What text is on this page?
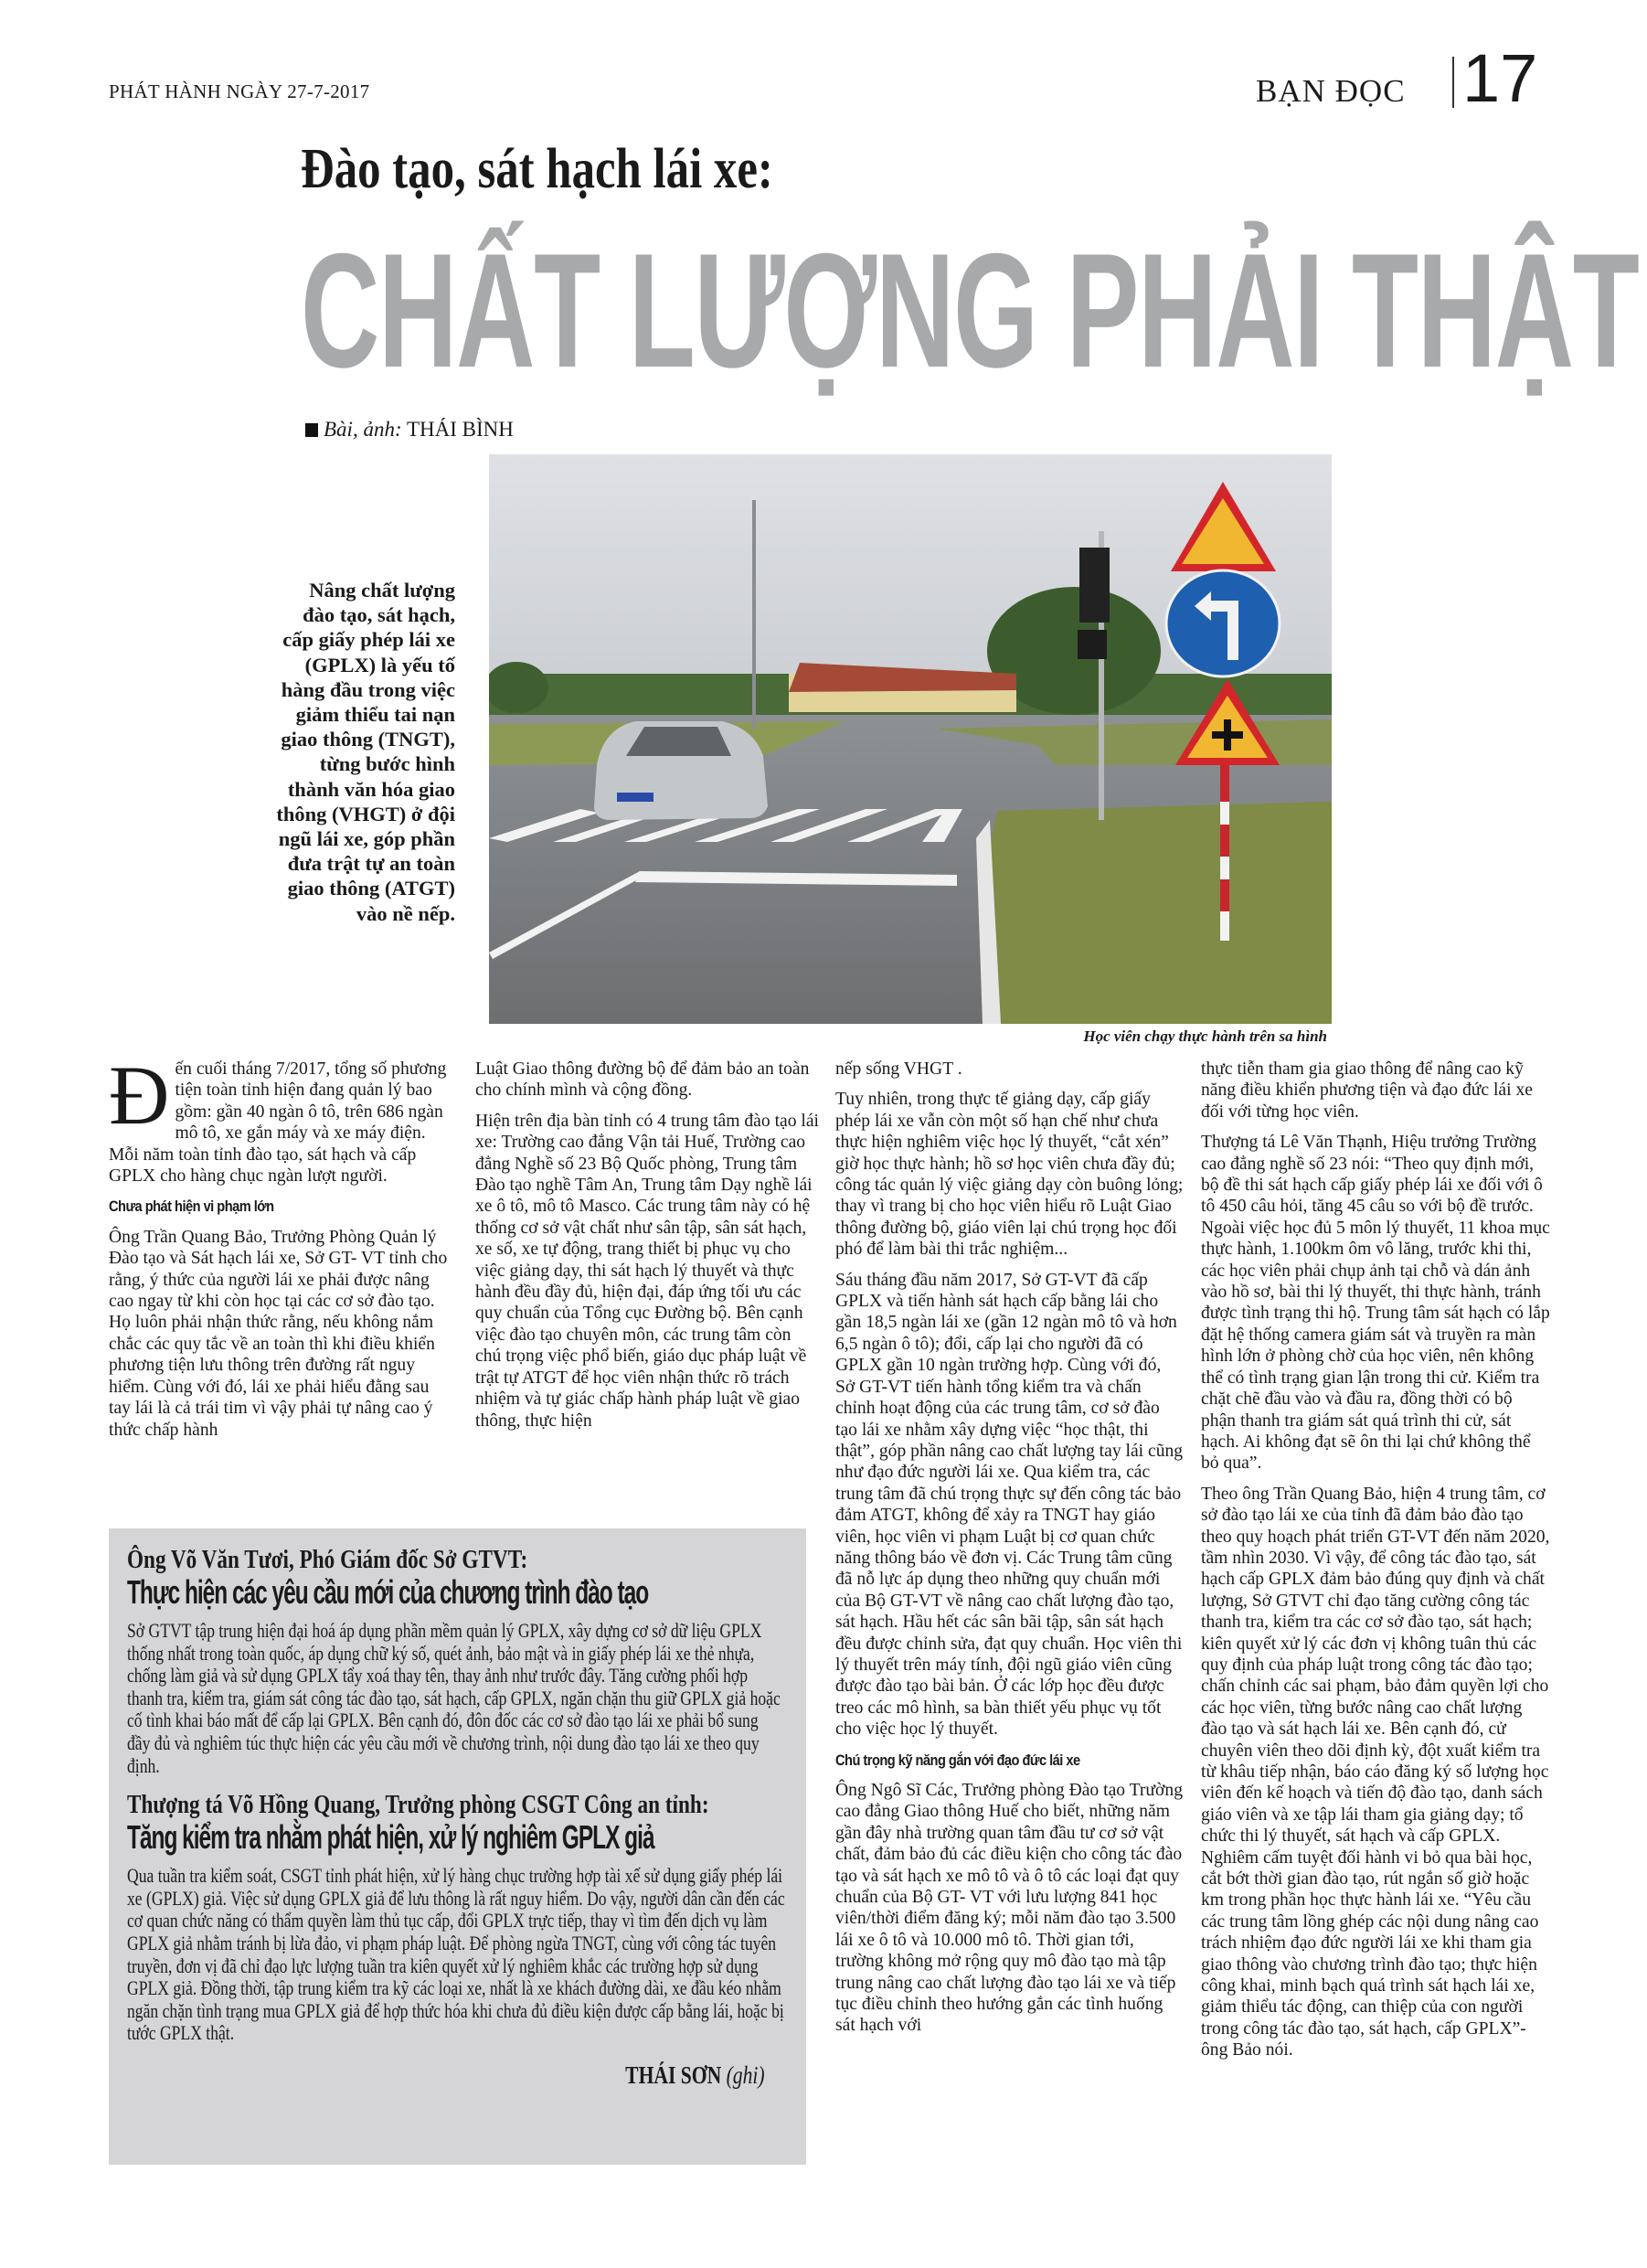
PHÁT HÀNH NGÀY 27-7-2017	BẠN ĐỌC 17
Đào tạo, sát hạch lái xe:
CHẤT LƯỢNG PHẢI THẬT
Bài, ảnh: THÁI BÌNH
Nâng chất lượng đào tạo, sát hạch, cấp giấy phép lái xe (GPLX) là yếu tố hàng đầu trong việc giảm thiểu tai nạn giao thông (TNGT), từng bước hình thành văn hóa giao thông (VHGT) ở đội ngũ lái xe, góp phần đưa trật tự an toàn giao thông (ATGT) vào nề nếp.
Học viên chạy thực hành trên sa hình

Đến cuối tháng 7/2017, tổng số phương tiện toàn tỉnh hiện đang quản lý bao gồm: gần 40 ngàn ô tô, trên 686 ngàn mô tô, xe gắn máy và xe máy điện. Mỗi năm toàn tỉnh đào tạo, sát hạch và cấp GPLX cho hàng chục ngàn lượt người.

Chưa phát hiện vi phạm lớn

Ông Trần Quang Bảo, Trưởng Phòng Quản lý Đào tạo và Sát hạch lái xe, Sở GT- VT tỉnh cho rằng, ý thức của người lái xe phải được nâng cao ngay từ khi còn học tại các cơ sở đào tạo. Họ luôn phải nhận thức rằng, nếu không nắm chắc các quy tắc về an toàn thì khi điều khiển phương tiện lưu thông trên đường rất nguy hiểm. Cùng với đó, lái xe phải hiểu đằng sau tay lái là cả trái tim vì vậy phải tự nâng cao ý thức chấp hành

Luật Giao thông đường bộ để đảm bảo an toàn cho chính mình và cộng đồng.

Hiện trên địa bàn tỉnh có 4 trung tâm đào tạo lái xe: Trường cao đẳng Vận tải Huế, Trường cao đẳng Nghề số 23 Bộ Quốc phòng, Trung tâm Đào tạo nghề Tâm An, Trung tâm Dạy nghề lái xe ô tô, mô tô Masco. Các trung tâm này có hệ thống cơ sở vật chất như sân tập, sân sát hạch, xe số, xe tự động, trang thiết bị phục vụ cho việc giảng dạy, thi sát hạch lý thuyết và thực hành đều đầy đủ, hiện đại, đáp ứng tối ưu các quy chuẩn của Tổng cục Đường bộ. Bên cạnh việc đào tạo chuyên môn, các trung tâm còn chú trọng việc phổ biến, giáo dục pháp luật về trật tự ATGT để học viên nhận thức rõ trách nhiệm và tự giác chấp hành pháp luật về giao thông, thực hiện

nếp sống VHGT .

Tuy nhiên, trong thực tế giảng dạy, cấp giấy phép lái xe vẫn còn một số hạn chế như chưa thực hiện nghiêm việc học lý thuyết, “cắt xén” giờ học thực hành; hồ sơ học viên chưa đầy đủ; công tác quản lý việc giảng dạy còn buông lỏng; thay vì trang bị cho học viên hiểu rõ Luật Giao thông đường bộ, giáo viên lại chú trọng học đối phó để làm bài thi trắc nghiệm...

Sáu tháng đầu năm 2017, Sở GT-VT đã cấp GPLX và tiến hành sát hạch cấp bằng lái cho gần 18,5 ngàn lái xe (gần 12 ngàn mô tô và hơn 6,5 ngàn ô tô); đổi, cấp lại cho người đã có GPLX gần 10 ngàn trường hợp. Cùng với đó, Sở GT-VT tiến hành tổng kiểm tra và chấn chỉnh hoạt động của các trung tâm, cơ sở đào tạo lái xe nhằm xây dựng việc “học thật, thi thật”, góp phần nâng cao chất lượng tay lái cũng như đạo đức người lái xe. Qua kiểm tra, các trung tâm đã chú trọng thực sự đến công tác bảo đảm ATGT, không để xảy ra TNGT hay giáo viên, học viên vi phạm Luật bị cơ quan chức năng thông báo về đơn vị. Các Trung tâm cũng đã nỗ lực áp dụng theo những quy chuẩn mới của Bộ GT-VT về nâng cao chất lượng đào tạo, sát hạch. Hầu hết các sân bãi tập, sân sát hạch đều được chỉnh sửa, đạt quy chuẩn. Học viên thi lý thuyết trên máy tính, đội ngũ giáo viên cũng được đào tạo bài bản. Ở các lớp học đều được treo các mô hình, sa bàn thiết yếu phục vụ tốt cho việc học lý thuyết.

Chú trọng kỹ năng gắn với đạo đức lái xe

Ông Ngô Sĩ Các, Trưởng phòng Đào tạo Trường cao đẳng Giao thông Huế cho biết, những năm gần đây nhà trường quan tâm đầu tư cơ sở vật chất, đảm bảo đủ các điều kiện cho công tác đào tạo và sát hạch xe mô tô và ô tô các loại đạt quy chuẩn của Bộ GT- VT với lưu lượng 841 học viên/thời điểm đăng ký; mỗi năm đào tạo 3.500 lái xe ô tô và 10.000 mô tô. Thời gian tới, trường không mở rộng quy mô đào tạo mà tập trung nâng cao chất lượng đào tạo lái xe và tiếp tục điều chỉnh theo hướng gắn các tình huống sát hạch với

thực tiễn tham gia giao thông để nâng cao kỹ năng điều khiển phương tiện và đạo đức lái xe đối với từng học viên.

Thượng tá Lê Văn Thạnh, Hiệu trưởng Trường cao đẳng nghề số 23 nói: “Theo quy định mới, bộ đề thi sát hạch cấp giấy phép lái xe đối với ô tô 450 câu hỏi, tăng 45 câu so với bộ đề trước. Ngoài việc học đủ 5 môn lý thuyết, 11 khoa mục thực hành, 1.100km ôm vô lăng, trước khi thi, các học viên phải chụp ảnh tại chỗ và dán ảnh vào hồ sơ, bài thi lý thuyết, thi thực hành, tránh được tình trạng thi hộ. Trung tâm sát hạch có lắp đặt hệ thống camera giám sát và truyền ra màn hình lớn ở phòng chờ của học viên, nên không thể có tình trạng gian lận trong thi cử. Kiểm tra chặt chẽ đầu vào và đầu ra, đồng thời có bộ phận thanh tra giám sát quá trình thi cử, sát hạch. Ai không đạt sẽ ôn thi lại chứ không thể bỏ qua”.

Theo ông Trần Quang Bảo, hiện 4 trung tâm, cơ sở đào tạo lái xe của tỉnh đã đảm bảo đào tạo theo quy hoạch phát triển GT-VT đến năm 2020, tầm nhìn 2030. Vì vậy, để công tác đào tạo, sát hạch cấp GPLX đảm bảo đúng quy định và chất lượng, Sở GTVT chỉ đạo tăng cường công tác thanh tra, kiểm tra các cơ sở đào tạo, sát hạch; kiên quyết xử lý các đơn vị không tuân thủ các quy định của pháp luật trong công tác đào tạo; chấn chỉnh các sai phạm, bảo đảm quyền lợi cho các học viên, từng bước nâng cao chất lượng đào tạo và sát hạch lái xe. Bên cạnh đó, cử chuyên viên theo dõi định kỳ, đột xuất kiểm tra từ khâu tiếp nhận, báo cáo đăng ký số lượng học viên đến kế hoạch và tiến độ đào tạo, danh sách giáo viên và xe tập lái tham gia giảng dạy; tổ chức thi lý thuyết, sát hạch và cấp GPLX. Nghiêm cấm tuyệt đối hành vi bỏ qua bài học, cắt bớt thời gian đào tạo, rút ngắn số giờ hoặc km trong phần học thực hành lái xe. “Yêu cầu các trung tâm lồng ghép các nội dung nâng cao trách nhiệm đạo đức người lái xe khi tham gia giao thông vào chương trình đào tạo; thực hiện công khai, minh bạch quá trình sát hạch lái xe, giảm thiểu tác động, can thiệp của con người trong công tác đào tạo, sát hạch, cấp GPLX”- ông Bảo nói.

Ông Võ Văn Tươi, Phó Giám đốc Sở GTVT:
Thực hiện các yêu cầu mới của chương trình đào tạo

Sở GTVT tập trung hiện đại hoá áp dụng phần mềm quản lý GPLX, xây dựng cơ sở dữ liệu GPLX thống nhất trong toàn quốc, áp dụng chữ ký số, quét ảnh, bảo mật và in giấy phép lái xe thẻ nhựa, chống làm giả và sử dụng GPLX tẩy xoá thay tên, thay ảnh như trước đây. Tăng cường phối hợp thanh tra, kiểm tra, giám sát công tác đào tạo, sát hạch, cấp GPLX, ngăn chặn thu giữ GPLX giả hoặc cố tình khai báo mất để cấp lại GPLX. Bên cạnh đó, đôn đốc các cơ sở đào tạo lái xe phải bổ sung đầy đủ và nghiêm túc thực hiện các yêu cầu mới về chương trình, nội dung đào tạo lái xe theo quy định.

Thượng tá Võ Hồng Quang, Trưởng phòng CSGT Công an tỉnh:
Tăng kiểm tra nhằm phát hiện, xử lý nghiêm GPLX giả

Qua tuần tra kiểm soát, CSGT tỉnh phát hiện, xử lý hàng chục trường hợp tài xế sử dụng giấy phép lái xe (GPLX) giả. Việc sử dụng GPLX giả để lưu thông là rất nguy hiểm. Do vậy, người dân cần đến các cơ quan chức năng có thẩm quyền làm thủ tục cấp, đổi GPLX trực tiếp, thay vì tìm đến dịch vụ làm GPLX giả nhằm tránh bị lừa đảo, vi phạm pháp luật. Để phòng ngừa TNGT, cùng với công tác tuyên truyền, đơn vị đã chỉ đạo lực lượng tuần tra kiên quyết xử lý nghiêm khắc các trường hợp sử dụng GPLX giả. Đồng thời, tập trung kiểm tra kỹ các loại xe, nhất là xe khách đường dài, xe đầu kéo nhằm ngăn chặn tình trạng mua GPLX giả để hợp thức hóa khi chưa đủ điều kiện được cấp bằng lái, hoặc bị tước GPLX thật.

THÁI SƠN (ghi)
